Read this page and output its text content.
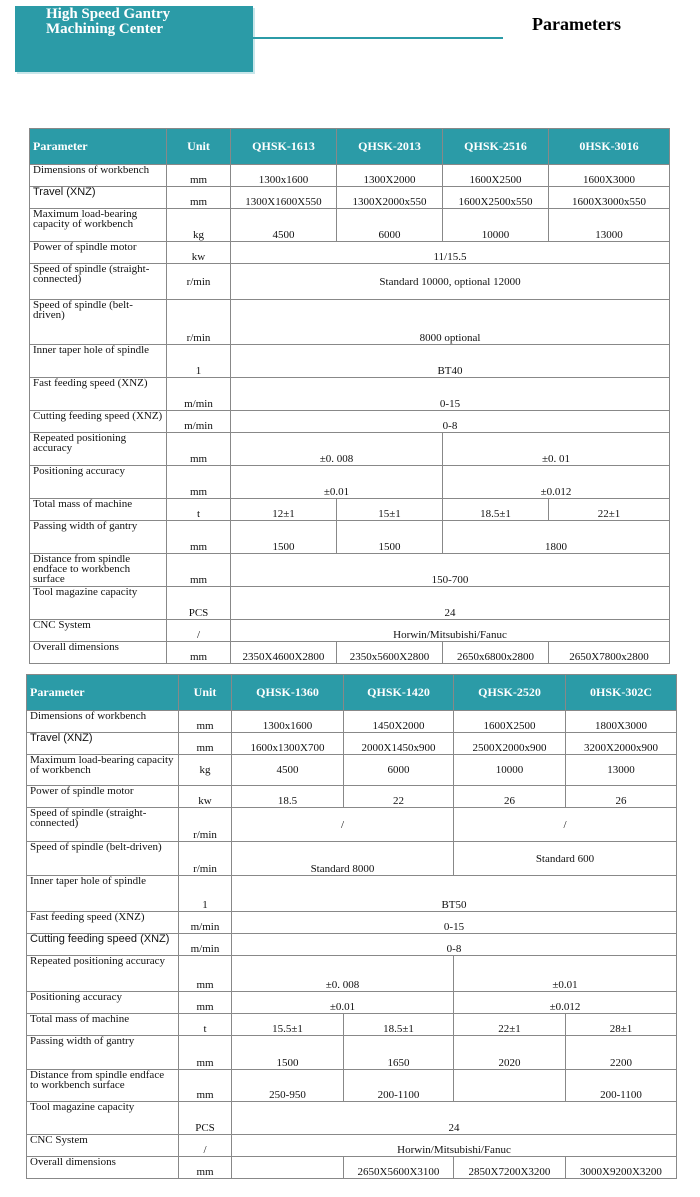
High Speed Gantry
Machining Center	Parameters
Parameter	Unit	QHSK-1613	QHSK-2013	QHSK-2516	0HSK-3016
Dimensions of workbench	mm	1300x1600	1300X2000	1600X2500	1600X3000
Travel (XNZ)	mm	1300X1600X550	1300X2000x550	1600X2500x550	1600X3000x550
Maximum load-bearing capacity of workbench	kg	4500	6000	10000	13000
Power of spindle motor	kw	11/15.5			
Speed of spindle (straight-connected)	r/min	Standard 10000, optional 12000			
Speed of spindle (belt-driven)	r/min	8000 optional			
Inner taper hole of spindle	1	BT40			
Fast feeding speed (XNZ)	m/min	0-15			
Cutting feeding speed (XNZ)	m/min	0-8			
Repeated positioning accuracy	mm	±0. 008		±0. 01	
Positioning accuracy	mm	±0.01		±0.012	
Total mass of machine	t	12±1	15±1	18.5±1	22±1
Passing width of gantry	mm	1500	1500	1800	
Distance from spindle endface to workbench surface	mm	150-700			
Tool magazine capacity	PCS	24			
CNC System	/	Horwin/Mitsubishi/Fanuc			
Overall dimensions	mm	2350X4600X2800	2350x5600X2800	2650x6800x2800	2650X7800x2800
Parameter	Unit	QHSK-1360	QHSK-1420	QHSK-2520	0HSK-302C
Dimensions of workbench	mm	1300x1600	1450X2000	1600X2500	1800X3000
Travel (XNZ)	mm	1600x1300X700	2000X1450x900	2500X2000x900	3200X2000x900
Maximum load-bearing capacity of workbench	kg	4500	6000	10000	13000
Power of spindle motor	kw	18.5	22	26	26
Speed of spindle (straight-connected)	r/min	/		/	
Speed of spindle (belt-driven)	r/min	Standard 8000		Standard 600	
Inner taper hole of spindle	1	BT50			
Fast feeding speed (XNZ)	m/min	0-15			
Cutting feeding speed (XNZ)	m/min	0-8			
Repeated positioning accuracy	mm	±0. 008		±0.01	
Positioning accuracy	mm	±0.01		±0.012	
Total mass of machine	t	15.5±1	18.5±1	22±1	28±1
Passing width of gantry	mm	1500	1650	2020	2200
Distance from spindle endface to workbench surface	mm	250-950	200-1100		200-1100
Tool magazine capacity	PCS	24			
CNC System	/	Horwin/Mitsubishi/Fanuc			
Overall dimensions	mm		2650X5600X3100	2850X7200X3200	3000X9200X3200
